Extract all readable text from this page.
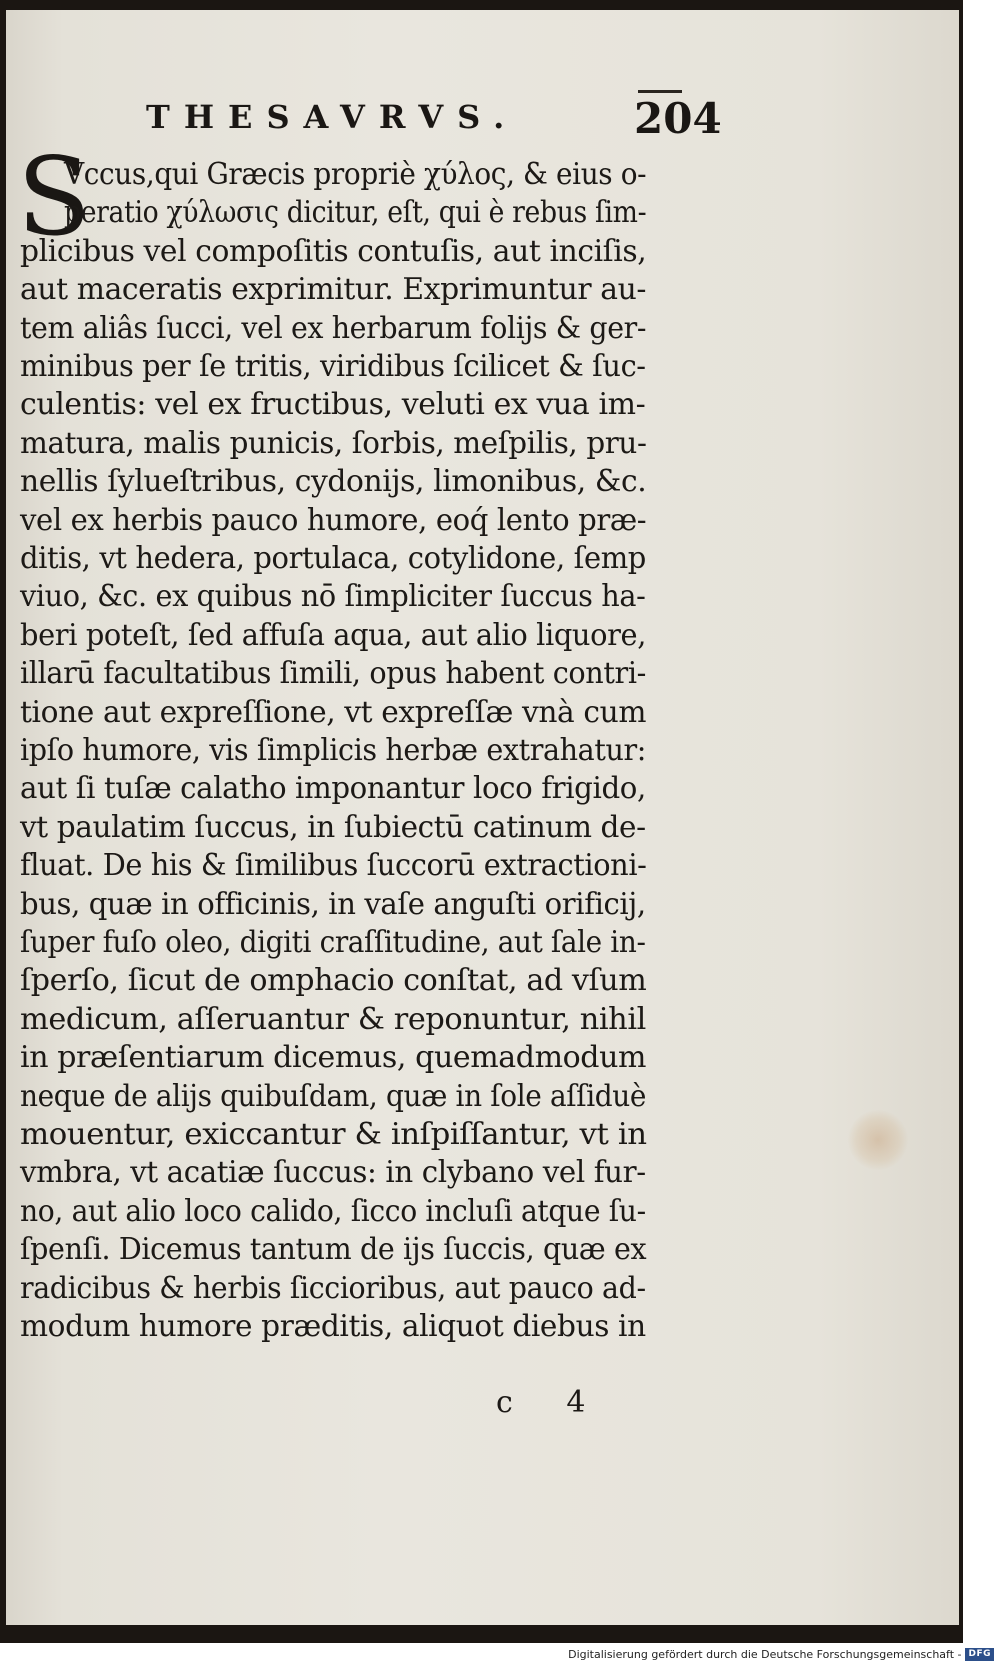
THESAVRVS.	204
S
Vccus,qui Græcis propriè χύλος, & eius o-
peratio χύλωσις dicitur, eſt, qui è rebus ſim-
plicibus vel compoſitis contuſis, aut inciſis,
aut maceratis exprimitur. Exprimuntur au-
tem aliâs ſucci, vel ex herbarum folijs & ger-
minibus per ſe tritis, viridibus ſcilicet & ſuc-
culentis: vel ex fructibus, veluti ex vua im-
matura, malis punicis, ſorbis, meſpilis, pru-
nellis ſylueſtribus, cydonijs, limonibus, &c.
vel ex herbis pauco humore, eoq́ lento præ-
ditis, vt hedera, portulaca, cotylidone, ſemp
viuo, &c. ex quibus nō ſimpliciter ſuccus ha-
beri poteſt, ſed affuſa aqua, aut alio liquore,
illarū facultatibus ſimili, opus habent contri-
tione aut expreſſione, vt expreſſæ vnà cum
ipſo humore, vis ſimplicis herbæ extrahatur:
aut ſi tuſæ calatho imponantur loco frigido,
vt paulatim ſuccus, in ſubiectū catinum de-
fluat. De his & ſimilibus ſuccorū extractioni-
bus, quæ in officinis, in vaſe anguſti orificij,
ſuper fuſo oleo, digiti craſſitudine, aut ſale in-
ſperſo, ſicut de omphacio conſtat, ad vſum
medicum, aſſeruantur & reponuntur, nihil
in præſentiarum dicemus, quemadmodum
neque de alijs quibuſdam, quæ in ſole aſſiduè
mouentur, exiccantur & inſpiſſantur, vt in
vmbra, vt acatiæ ſuccus: in clybano vel fur-
no, aut alio loco calido, ſicco incluſi atque ſu-
ſpenſi. Dicemus tantum de ijs ſuccis, quæ ex
radicibus & herbis ſiccioribus, aut pauco ad-
modum humore præditis, aliquot diebus in
c 4
Digitalisierung gefördert durch die Deutsche Forschungsgemeinschaft - DFG
